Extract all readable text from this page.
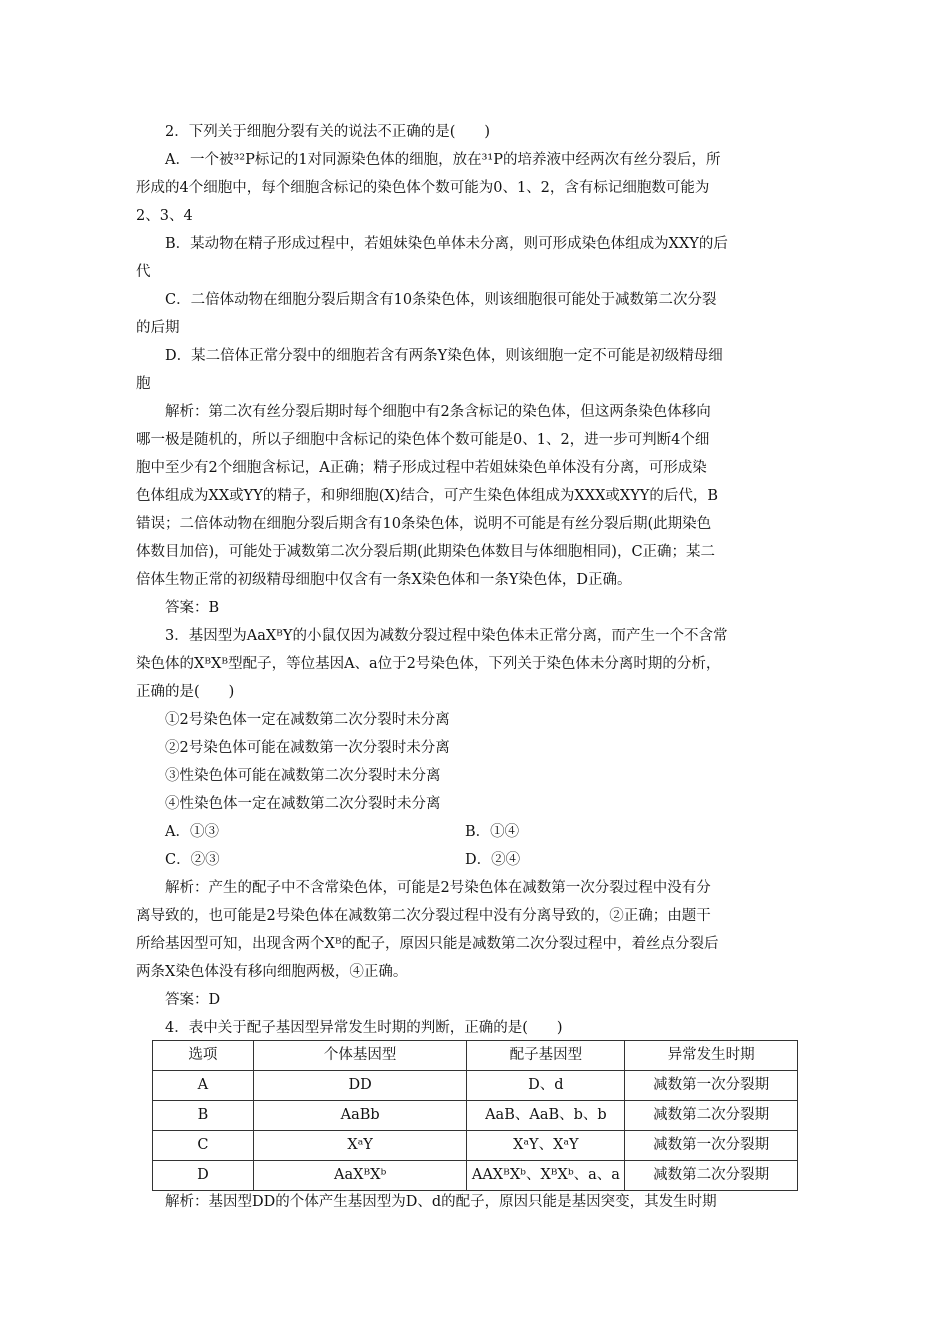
2．下列关于细胞分裂有关的说法不正确的是(　　)
A．一个被³²P标记的1对同源染色体的细胞，放在³¹P的培养液中经两次有丝分裂后，所
形成的4个细胞中，每个细胞含标记的染色体个数可能为0、1、2，含有标记细胞数可能为
2、3、4
B．某动物在精子形成过程中，若姐妹染色单体未分离，则可形成染色体组成为XXY的后
代
C．二倍体动物在细胞分裂后期含有10条染色体，则该细胞很可能处于减数第二次分裂
的后期
D．某二倍体正常分裂中的细胞若含有两条Y染色体，则该细胞一定不可能是初级精母细
胞
解析：第二次有丝分裂后期时每个细胞中有2条含标记的染色体，但这两条染色体移向
哪一极是随机的，所以子细胞中含标记的染色体个数可能是0、1、2，进一步可判断4个细
胞中至少有2个细胞含标记，A正确；精子形成过程中若姐妹染色单体没有分离，可形成染
色体组成为XX或YY的精子，和卵细胞(X)结合，可产生染色体组成为XXX或XYY的后代，B
错误；二倍体动物在细胞分裂后期含有10条染色体，说明不可能是有丝分裂后期(此期染色
体数目加倍)，可能处于减数第二次分裂后期(此期染色体数目与体细胞相同)，C正确；某二
倍体生物正常的初级精母细胞中仅含有一条X染色体和一条Y染色体，D正确。
答案：B
3．基因型为AaXᴮY的小鼠仅因为减数分裂过程中染色体未正常分离，而产生一个不含常
染色体的XᴮXᴮ型配子，等位基因A、a位于2号染色体，下列关于染色体未分离时期的分析，
正确的是(　　)
①2号染色体一定在减数第二次分裂时未分离
②2号染色体可能在减数第一次分裂时未分离
③性染色体可能在减数第二次分裂时未分离
④性染色体一定在减数第二次分裂时未分离
A．①③	B．①④
C．②③	D．②④
解析：产生的配子中不含常染色体，可能是2号染色体在减数第一次分裂过程中没有分
离导致的，也可能是2号染色体在减数第二次分裂过程中没有分离导致的，②正确；由题干
所给基因型可知，出现含两个Xᴮ的配子，原因只能是减数第二次分裂过程中，着丝点分裂后
两条X染色体没有移向细胞两极，④正确。
答案：D
4．表中关于配子基因型异常发生时期的判断，正确的是(　　)
选项	个体基因型	配子基因型	异常发生时期
A	DD	D、d	减数第一次分裂期
B	AaBb	AaB、AaB、b、b	减数第二次分裂期
C	XᵃY	XᵃY、XᵃY	减数第一次分裂期
D	AaXᴮXᵇ	AAXᴮXᵇ、XᴮXᵇ、a、a	减数第二次分裂期
解析：基因型DD的个体产生基因型为D、d的配子，原因只能是基因突变，其发生时期
